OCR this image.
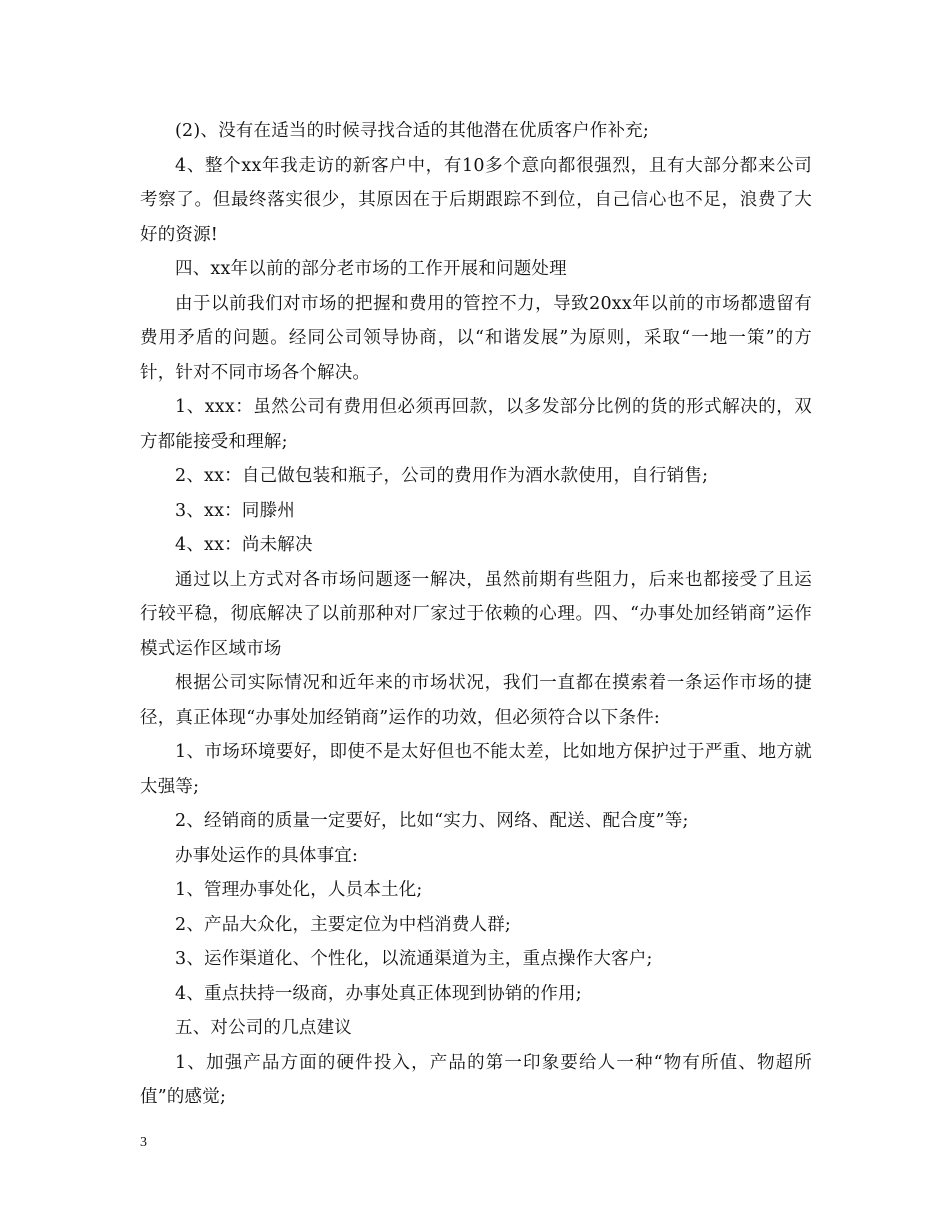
(2)、没有在适当的时候寻找合适的其他潜在优质客户作补充;

4、整个xx年我走访的新客户中，有10多个意向都很强烈，且有大部分都来公司考察了。但最终落实很少，其原因在于后期跟踪不到位，自己信心也不足，浪费了大好的资源!

四、xx年以前的部分老市场的工作开展和问题处理

由于以前我们对市场的把握和费用的管控不力，导致20xx年以前的市场都遗留有费用矛盾的问题。经同公司领导协商，以“和谐发展”为原则，采取“一地一策”的方针，针对不同市场各个解决。

1、xxx：虽然公司有费用但必须再回款，以多发部分比例的货的形式解决的，双方都能接受和理解;

2、xx：自己做包装和瓶子，公司的费用作为酒水款使用，自行销售;

3、xx：同滕州

4、xx：尚未解决

通过以上方式对各市场问题逐一解决，虽然前期有些阻力，后来也都接受了且运行较平稳，彻底解决了以前那种对厂家过于依赖的心理。四、“办事处加经销商”运作模式运作区域市场

根据公司实际情况和近年来的市场状况，我们一直都在摸索着一条运作市场的捷径，真正体现“办事处加经销商”运作的功效，但必须符合以下条件:

1、市场环境要好，即使不是太好但也不能太差，比如地方保护过于严重、地方就太强等;

2、经销商的质量一定要好，比如“实力、网络、配送、配合度”等;

办事处运作的具体事宜:

1、管理办事处化，人员本土化;

2、产品大众化，主要定位为中档消费人群;

3、运作渠道化、个性化，以流通渠道为主，重点操作大客户;

4、重点扶持一级商，办事处真正体现到协销的作用;

五、对公司的几点建议

1、加强产品方面的硬件投入，产品的第一印象要给人一种“物有所值、物超所值”的感觉;

3
